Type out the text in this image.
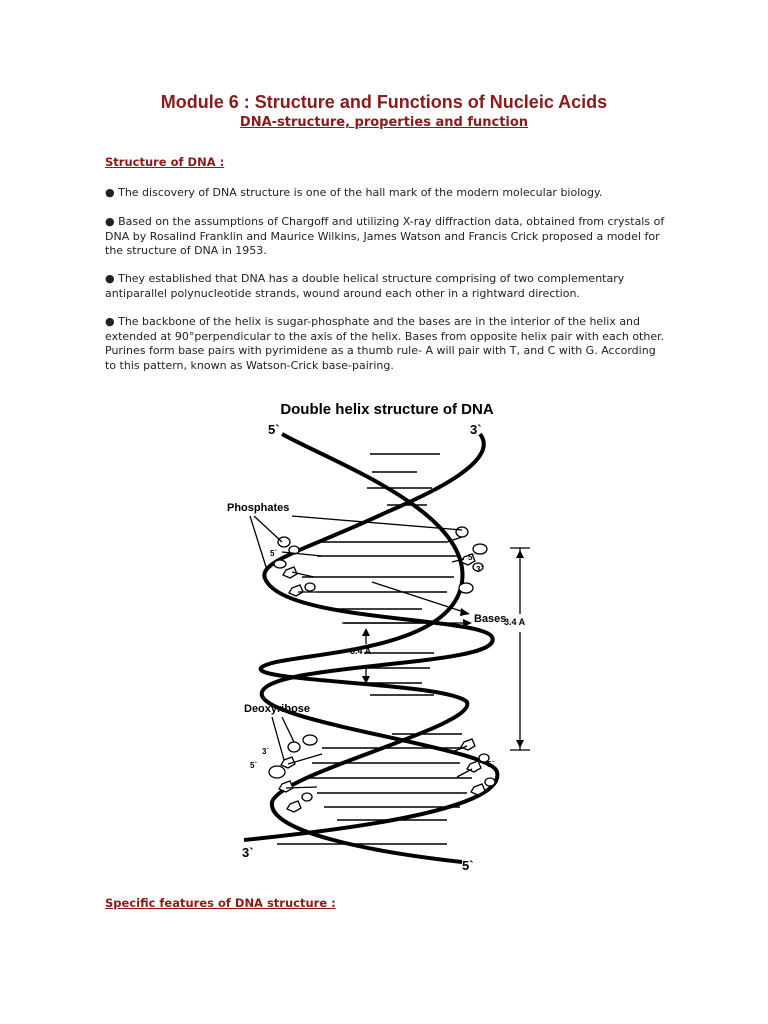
Module 6 : Structure and Functions of Nucleic Acids
DNA-structure, properties and function
Structure of DNA :
● The discovery of DNA structure is one of the hall mark of the modern molecular biology.
● Based on the assumptions of Chargoff and utilizing X-ray diffraction data, obtained from crystals of DNA by Rosalind Franklin and Maurice Wilkins, James Watson and Francis Crick proposed a model for the structure of DNA in 1953.
● They established that DNA has a double helical structure comprising of two complementary antiparallel polynucleotide strands, wound around each other in a rightward direction.
● The backbone of the helix is sugar-phosphate and the bases are in the interior of the helix and extended at 90°perpendicular to the axis of the helix. Bases from opposite helix pair with each other. Purines form base pairs with pyrimidene as a thumb rule- A will pair with T, and C with G. According to this pattern, known as Watson-Crick base-pairing.
Double helix structure of DNA
5`	3`
5`	5`
3`
3`
5`	5`
Phosphates
Bases
3.4 A
3.4 A
Deoxyribose
3`
5`
Specific features of DNA structure :
